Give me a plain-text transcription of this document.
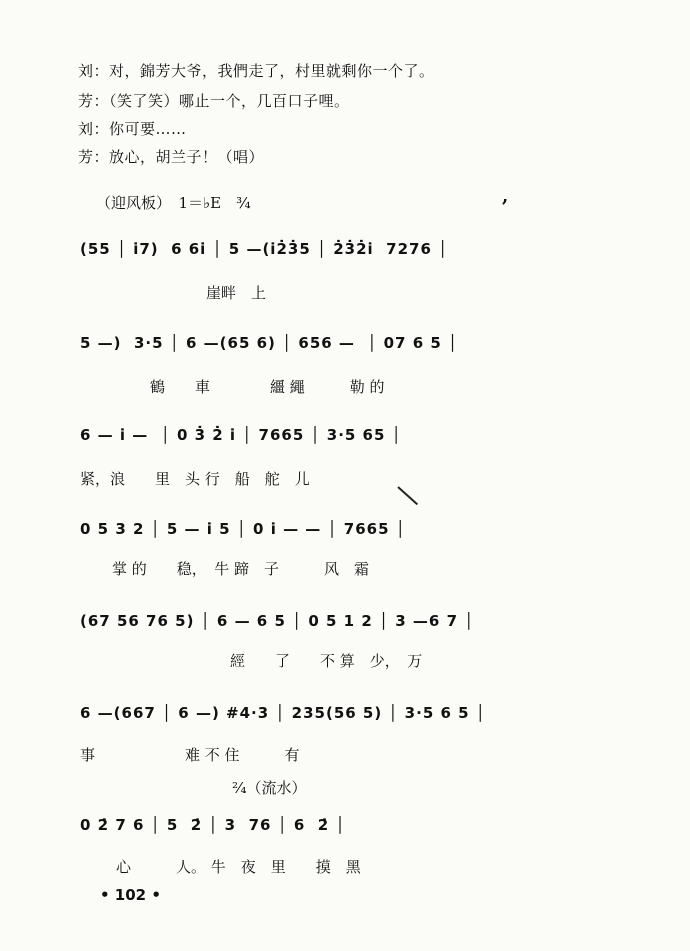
刘：对，錦芳大爷，我們走了，村里就剩你一个了。
芳：（笑了笑）哪止一个，几百口子哩。
刘：你可要……
芳：放心，胡兰子！（唱）
（迎风板）　1＝♭E　¾	,
(55 │ i̇7)  6 6i̇ │ 5 —(i̇2̇3̇5 │ 2̇3̇2̇i̇  7276 │
崖畔　上
5 —)  3·5 │ 6 —(65 6) │ 656 —  │ 07 6 5 │
鶴　　車　　　　繮 繩　　　勒 的
6 — i̇ —  │ 0 3̇ 2̇ i̇ │ 7665 │ 3·5 65 │
紧，浪　　里　头 行　船　舵　儿
0 5 3 2 │ 5 — i̇ 5 │ 0 i̇ — — │ 7665 │
掌 的　　稳，　牛 蹄　子　　　风　霜
(67 56 76 5) │ 6 — 6 5 │ 0 5 1 2 │ 3 —6 7 │
經　　了　　不 算　少，　万
6 —(667 │ 6 —) #4·3 │ 235(56 5) │ 3·5 6 5 │
事　　　　　　难 不 住　　　有
²⁄₄（流水）
0 2̇ 7 6 │ 5  2̇ │ 3  76 │ 6  2̇ │
心　　　人。 牛　夜　里　　摸　黑
• 102 •
